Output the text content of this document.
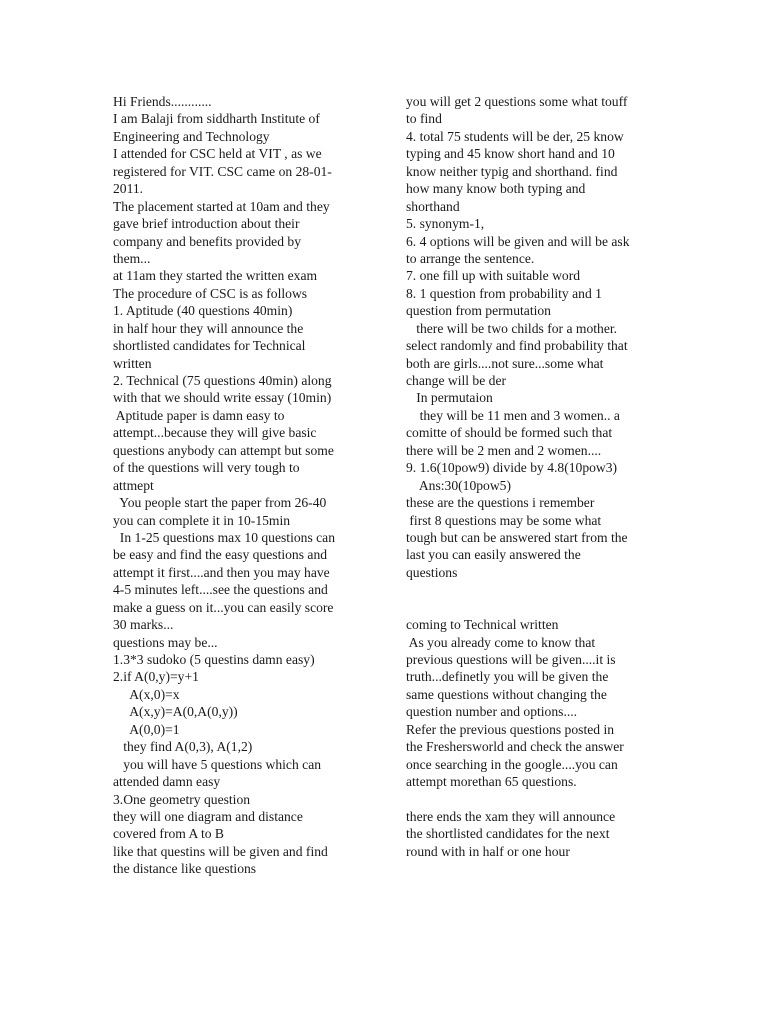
Hi Friends............
I am Balaji from siddharth Institute of
Engineering and Technology
I attended for CSC held at VIT , as we
registered for VIT. CSC came on 28-01-
2011.
The placement started at 10am and they
gave brief introduction about their
company and benefits provided by
them...
at 11am they started the written exam
The procedure of CSC is as follows
1. Aptitude (40 questions 40min)
in half hour they will announce the
shortlisted candidates for Technical
written
2. Technical (75 questions 40min) along
with that we should write essay (10min)
Aptitude paper is damn easy to
attempt...because they will give basic
questions anybody can attempt but some
of the questions will very tough to
attmept
You people start the paper from 26-40
you can complete it in 10-15min
In 1-25 questions max 10 questions can
be easy and find the easy questions and
attempt it first....and then you may have
4-5 minutes left....see the questions and
make a guess on it...you can easily score
30 marks...
questions may be...
1.3*3 sudoko (5 questins damn easy)
2.if A(0,y)=y+1
A(x,0)=x
A(x,y)=A(0,A(0,y))
A(0,0)=1
they find A(0,3), A(1,2)
you will have 5 questions which can
attended damn easy
3.One geometry question
they will one diagram and distance
covered from A to B
like that questins will be given and find
the distance like questions
you will get 2 questions some what touff
to find
4. total 75 students will be der, 25 know
typing and 45 know short hand and 10
know neither typig and shorthand. find
how many know both typing and
shorthand
5. synonym-1,
6. 4 options will be given and will be ask
to arrange the sentence.
7. one fill up with suitable word
8. 1 question from probability and 1
question from permutation
there will be two childs for a mother.
select randomly and find probability that
both are girls....not sure...some what
change will be der
In permutaion
they will be 11 men and 3 women.. a
comitte of should be formed such that
there will be 2 men and 2 women....
9. 1.6(10pow9) divide by 4.8(10pow3)
Ans:30(10pow5)
these are the questions i remember
first 8 questions may be some what
tough but can be answered start from the
last you can easily answered the
questions
coming to Technical written
As you already come to know that
previous questions will be given....it is
truth...definetly you will be given the
same questions without changing the
question number and options....
Refer the previous questions posted in
the Freshersworld and check the answer
once searching in the google....you can
attempt morethan 65 questions.
there ends the xam they will announce
the shortlisted candidates for the next
round with in half or one hour
